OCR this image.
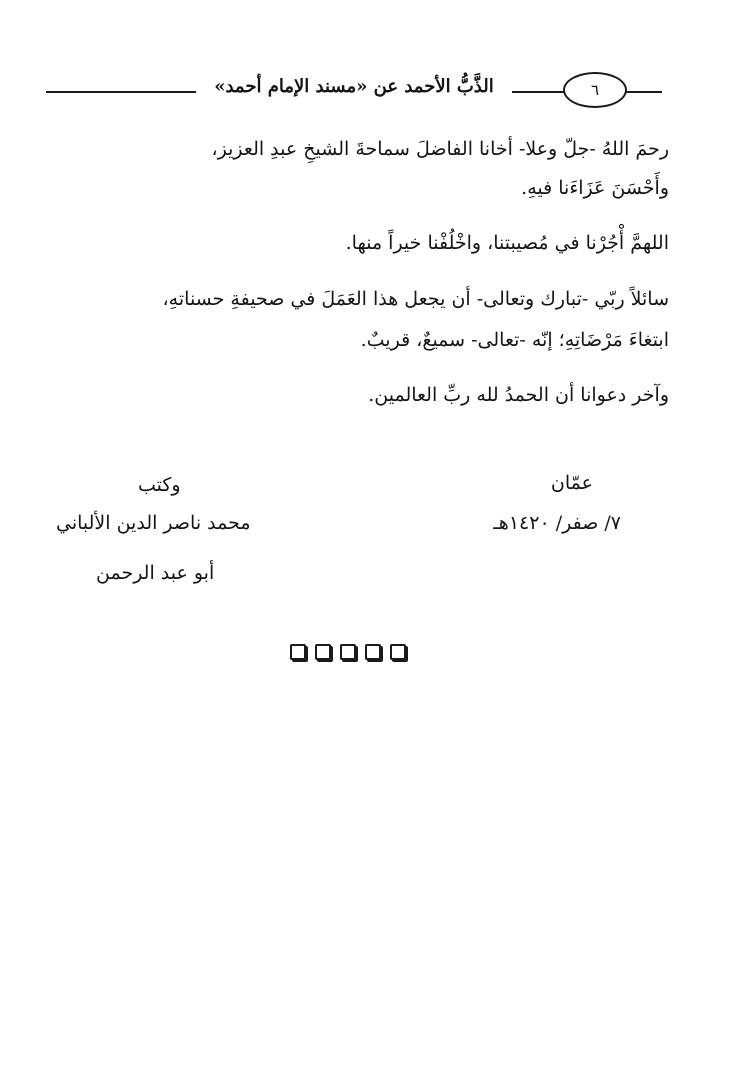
الذَّبُّ الأحمد عن «مسند الإمام أحمد»	٦

رحمَ اللهُ -جلّ وعلا- أخانا الفاضلَ سماحةَ الشيخِ عبدِ العزيز،

وأَحْسَنَ عَزَاءَنا فيهِ.

اللهمَّ أْجُرْنا في مُصيبتنا، واخْلُفْنا خيراً منها.

سائلاً ربّي -تبارك وتعالى- أن يجعل هذا العَمَلَ في صحيفةِ حسناتهِ،

ابتغاءَ مَرْضَاتِهِ؛ إنّه -تعالى- سميعٌ، قريبٌ.

وآخر دعوانا أن الحمدُ لله ربِّ العالمين.

عمّان
٧/ صفر/ ١٤٢٠هـ
وكتب
محمد ناصر الدين الألباني
أبو عبد الرحمن
